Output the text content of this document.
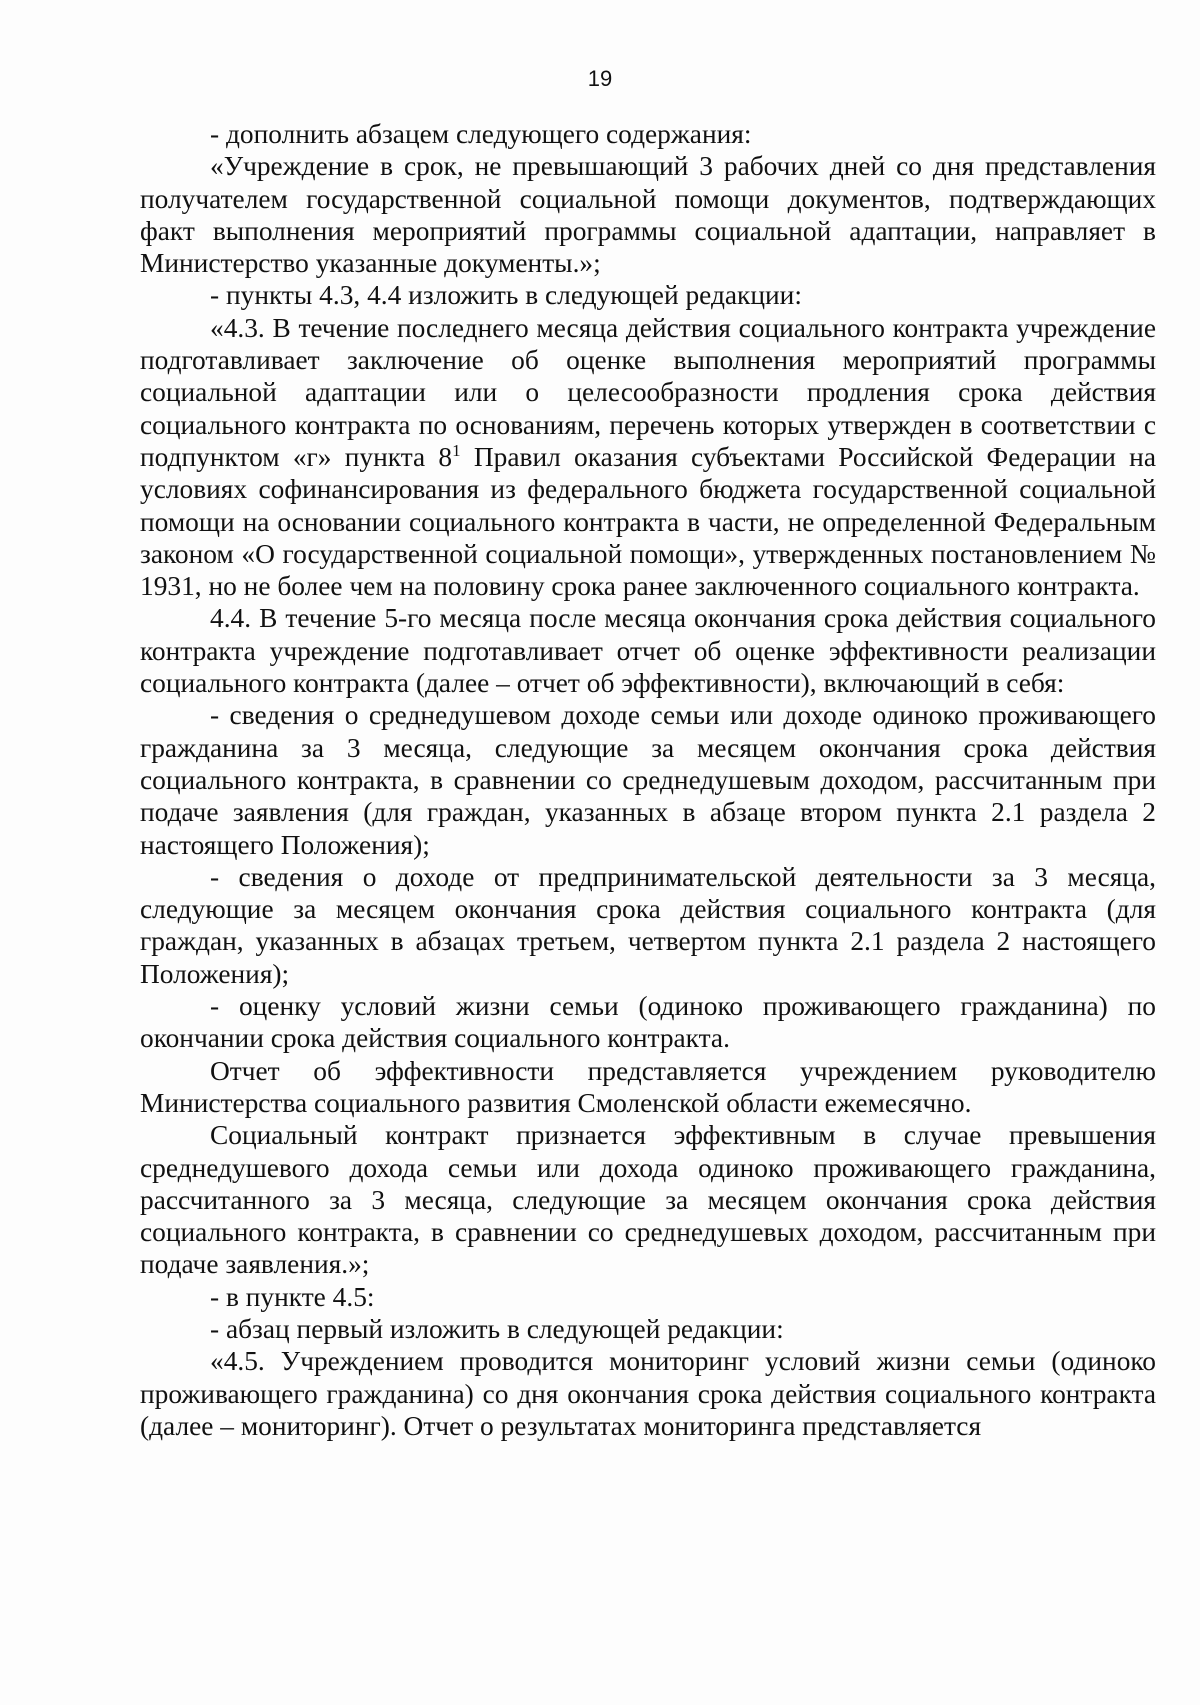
19

- дополнить абзацем следующего содержания:

«Учреждение в срок, не превышающий 3 рабочих дней со дня представления получателем государственной социальной помощи документов, подтверждающих факт выполнения мероприятий программы социальной адаптации, направляет в Министерство указанные документы.»;

- пункты 4.3, 4.4 изложить в следующей редакции:

«4.3. В течение последнего месяца действия социального контракта учреждение подготавливает заключение об оценке выполнения мероприятий программы социальной адаптации или о целесообразности продления срока действия социального контракта по основаниям, перечень которых утвержден в соответствии с подпунктом «г» пункта $8^1$ Правил оказания субъектами Российской Федерации на условиях софинансирования из федерального бюджета государственной социальной помощи на основании социального контракта в части, не определенной Федеральным законом «О государственной социальной помощи», утвержденных постановлением № 1931, но не более чем на половину срока ранее заключенного социального контракта.

4.4. В течение 5-го месяца после месяца окончания срока действия социального контракта учреждение подготавливает отчет об оценке эффективности реализации социального контракта (далее – отчет об эффективности), включающий в себя:

- сведения о среднедушевом доходе семьи или доходе одиноко проживающего гражданина за 3 месяца, следующие за месяцем окончания срока действия социального контракта, в сравнении со среднедушевым доходом, рассчитанным при подаче заявления (для граждан, указанных в абзаце втором пункта 2.1 раздела 2 настоящего Положения);

- сведения о доходе от предпринимательской деятельности за 3 месяца, следующие за месяцем окончания срока действия социального контракта (для граждан, указанных в абзацах третьем, четвертом пункта 2.1 раздела 2 настоящего Положения);

- оценку условий жизни семьи (одиноко проживающего гражданина) по окончании срока действия социального контракта.

Отчет об эффективности представляется учреждением руководителю Министерства социального развития Смоленской области ежемесячно.

Социальный контракт признается эффективным в случае превышения среднедушевого дохода семьи или дохода одиноко проживающего гражданина, рассчитанного за 3 месяца, следующие за месяцем окончания срока действия социального контракта, в сравнении со среднедушевых доходом, рассчитанным при подаче заявления.»;

- в пункте 4.5:

- абзац первый изложить в следующей редакции:

«4.5. Учреждением проводится мониторинг условий жизни семьи (одиноко проживающего гражданина) со дня окончания срока действия социального контракта (далее – мониторинг). Отчет о результатах мониторинга представляется
